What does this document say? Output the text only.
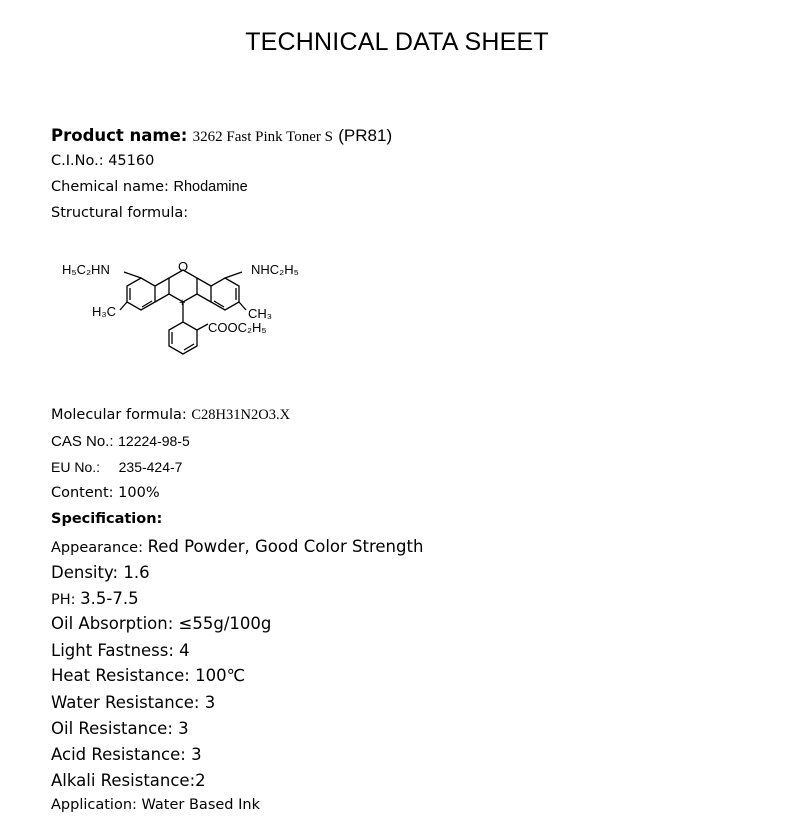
TECHNICAL DATA SHEET
Product name: 3262 Fast Pink Toner S (PR81)
C.I.No.: 45160
Chemical name: Rhodamine
Structural formula:
H₅C₂HN	NHC₂H₅
O
H₃C	CH₃
+
COOC₂H₅
Molecular formula: C28H31N2O3.X
CAS No.: 12224-98-5
EU No.: 235-424-7
Content: 100%
Specification:
Appearance: Red Powder, Good Color Strength
Density: 1.6
PH: 3.5-7.5
Oil Absorption: ≤55g/100g
Light Fastness: 4
Heat Resistance: 100℃
Water Resistance: 3
Oil Resistance: 3
Acid Resistance: 3
Alkali Resistance:2
Application: Water Based Ink
